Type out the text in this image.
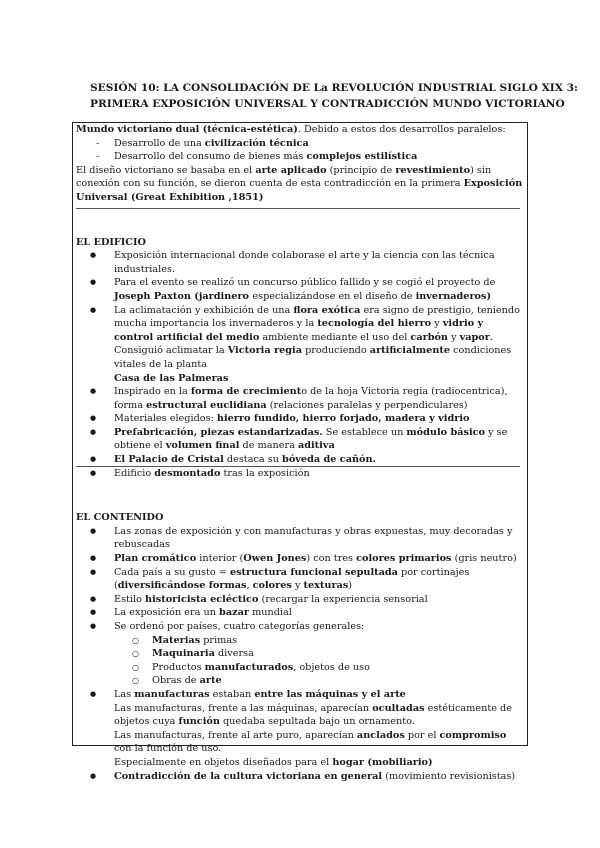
SESIÓN 10: LA CONSOLIDACIÓN DE La REVOLUCIÓN INDUSTRIAL SIGLO XIX 3:
PRIMERA EXPOSICIÓN UNIVERSAL Y CONTRADICCIÓN MUNDO VICTORIANO

Mundo victoriano dual (técnica-estética). Debido a estos dos desarrollos paralelos:

- Desarrollo de una civilización técnica
- Desarrollo del consumo de bienes más complejos estilística

El diseño victoriano se basaba en el arte aplicado (principio de revestimiento) sin conexión con su función, se dieron cuenta de esta contradicción en la primera Exposición Universal (Great Exhibition ,1851)

EL EDIFICIO

● Exposición internacional donde colaborase el arte y la ciencia con las técnica industriales.
● Para el evento se realizó un concurso público fallido y se cogió el proyecto de Joseph Paxton (jardinero especializándose en el diseño de invernaderos)
● La aclimatación y exhibición de una flora exótica era signo de prestigio, teniendo mucha importancia los invernaderos y la tecnología del hierro y vidrio y control artificial del medio ambiente mediante el uso del carbón y vapor.
Consiguió aclimatar la Victoria regia produciendo artificialmente condiciones vitales de la planta
Casa de las Palmeras
● Inspirado en la forma de crecimiento de la hoja Victoria regia (radiocentrica), forma estructural euclidiana (relaciones paralelas y perpendiculares)
● Materiales elegidos: hierro fundido, hierro forjado, madera y vidrio
● Prefabricación, piezas estandarizadas. Se establece un módulo básico y se obtiene el volumen final de manera aditiva
● El Palacio de Cristal destaca su bóveda de cañón.
● Edificio desmontado tras la exposición

EL CONTENIDO

● Las zonas de exposición y con manufacturas y obras expuestas, muy decoradas y rebuscadas
● Plan cromático interior (Owen Jones) con tres colores primarios (gris neutro)
● Cada país a su gusto = estructura funcional sepultada por cortinajes (diversificándose formas, colores y texturas)
● Estilo historicista ecléctico (recargar la experiencia sensorial
● La exposición era un bazar mundial
● Se ordenó por países, cuatro categorías generales:
○ Materias primas
○ Maquinaria diversa
○ Productos manufacturados, objetos de uso
○ Obras de arte
● Las manufacturas estaban entre las máquinas y el arte
Las manufacturas, frente a las máquinas, aparecían ocultadas estéticamente de objetos cuya función quedaba sepultada bajo un ornamento.
Las manufacturas, frente al arte puro, aparecían anclados por el compromiso con la función de uso.
Especialmente en objetos diseñados para el hogar (mobiliario)
● Contradicción de la cultura victoriana en general (movimiento revisionistas)
